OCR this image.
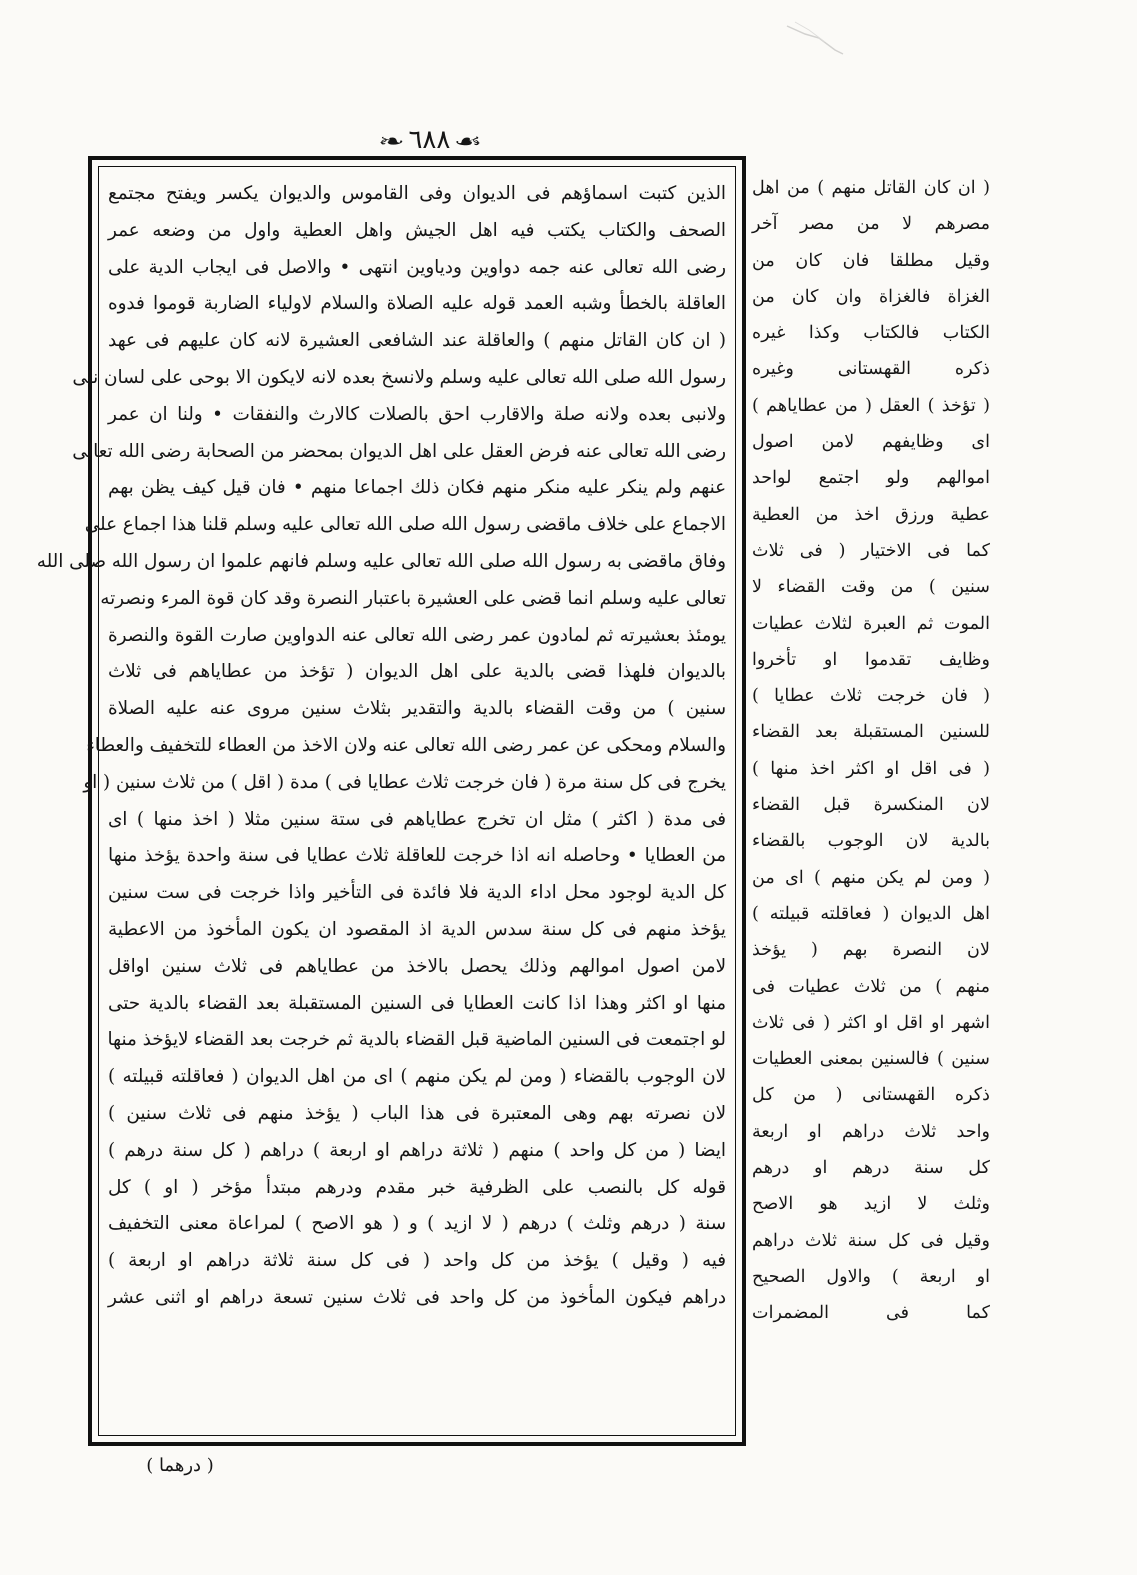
❧ ٦٨٨ ☙
الذين كتبت اسماؤهم فى الديوان وفى القاموس والديوان يكسر ويفتح مجتمع
الصحف والكتاب يكتب فيه اهل الجيش واهل العطية واول من وضعه عمر
رضى الله تعالى عنه جمه دواوين ودياوين انتهى • والاصل فى ايجاب الدية على
العاقلة بالخطأ وشبه العمد قوله عليه الصلاة والسلام لاولياء الضاربة قوموا فدوه
( ان كان القاتل منهم ) والعاقلة عند الشافعى العشيرة لانه كان عليهم فى عهد
رسول الله صلى الله تعالى عليه وسلم ولانسخ بعده لانه لايكون الا بوحى على لسان نبى
ولانبى بعده ولانه صلة والاقارب احق بالصلات كالارث والنفقات • ولنا ان عمر
رضى الله تعالى عنه فرض العقل على اهل الديوان بمحضر من الصحابة رضى الله تعالى
عنهم ولم ينكر عليه منكر منهم فكان ذلك اجماعا منهم • فان قيل كيف يظن بهم
الاجماع على خلاف ماقضى رسول الله صلى الله تعالى عليه وسلم قلنا هذا اجماع على
وفاق ماقضى به رسول الله صلى الله تعالى عليه وسلم فانهم علموا ان رسول الله صلى الله
تعالى عليه وسلم انما قضى على العشيرة باعتبار النصرة وقد كان قوة المرء ونصرته
يومئذ بعشيرته ثم لمادون عمر رضى الله تعالى عنه الدواوين صارت القوة والنصرة
بالديوان فلهذا قضى بالدية على اهل الديوان ( تؤخذ من عطاياهم فى ثلاث
سنين ) من وقت القضاء بالدية والتقدير بثلاث سنين مروى عنه عليه الصلاة
والسلام ومحكى عن عمر رضى الله تعالى عنه ولان الاخذ من العطاء للتخفيف والعطاء
يخرج فى كل سنة مرة ( فان خرجت ثلاث عطايا فى ) مدة ( اقل ) من ثلاث سنين ( او
فى مدة ( اكثر ) مثل ان تخرج عطاياهم فى ستة سنين مثلا ( اخذ منها ) اى
من العطايا • وحاصله انه اذا خرجت للعاقلة ثلاث عطايا فى سنة واحدة يؤخذ منها
كل الدية لوجود محل اداء الدية فلا فائدة فى التأخير واذا خرجت فى ست سنين
يؤخذ منهم فى كل سنة سدس الدية اذ المقصود ان يكون المأخوذ من الاعطية
لامن اصول اموالهم وذلك يحصل بالاخذ من عطاياهم فى ثلاث سنين اواقل
منها او اكثر وهذا اذا كانت العطايا فى السنين المستقبلة بعد القضاء بالدية حتى
لو اجتمعت فى السنين الماضية قبل القضاء بالدية ثم خرجت بعد القضاء لايؤخذ منها
لان الوجوب بالقضاء ( ومن لم يكن منهم ) اى من اهل الديوان ( فعاقلته قبيلته )
لان نصرته بهم وهى المعتبرة فى هذا الباب ( يؤخذ منهم فى ثلاث سنين )
ايضا ( من كل واحد ) منهم ( ثلاثة دراهم او اربعة ) دراهم ( كل سنة درهم )
قوله كل بالنصب على الظرفية خبر مقدم ودرهم مبتدأ مؤخر ( او ) كل
سنة ( درهم وثلث ) درهم ( لا ازيد ) و ( هو الاصح ) لمراعاة معنى التخفيف
فيه ( وقيل ) يؤخذ من كل واحد ( فى كل سنة ثلاثة دراهم او اربعة )
دراهم فيكون المأخوذ من كل واحد فى ثلاث سنين تسعة دراهم او اثنى عشر
( ان كان القاتل منهم ) من اهل
مصرهم لا من مصر آخر
وقيل مطلقا فان كان من
الغزاة فالغزاة وان كان من
الكتاب فالكتاب وكذا غيره
ذكره القهستانى وغيره
( تؤخذ ) العقل ( من عطاياهم )
اى وظايفهم لامن اصول
اموالهم ولو اجتمع لواحد
عطية ورزق اخذ من العطية
كما فى الاختيار ( فى ثلاث
سنين ) من وقت القضاء لا
الموت ثم العبرة لثلاث عطيات
وظايف تقدموا او تأخروا
( فان خرجت ثلاث عطايا )
للسنين المستقبلة بعد القضاء
( فى اقل او اكثر اخذ منها )
لان المنكسرة قبل القضاء
بالدية لان الوجوب بالقضاء
( ومن لم يكن منهم ) اى من
اهل الديوان ( فعاقلته قبيلته )
لان النصرة بهم ( يؤخذ
منهم ) من ثلاث عطيات فى
اشهر او اقل او اكثر ( فى ثلاث
سنين ) فالسنين بمعنى العطيات
ذكره القهستانى ( من كل
واحد ثلاث دراهم او اربعة
كل سنة درهم او درهم
وثلث لا ازيد هو الاصح
وقيل فى كل سنة ثلاث دراهم
او اربعة ) والاول الصحيح
كما فى المضمرات
( درهما )
